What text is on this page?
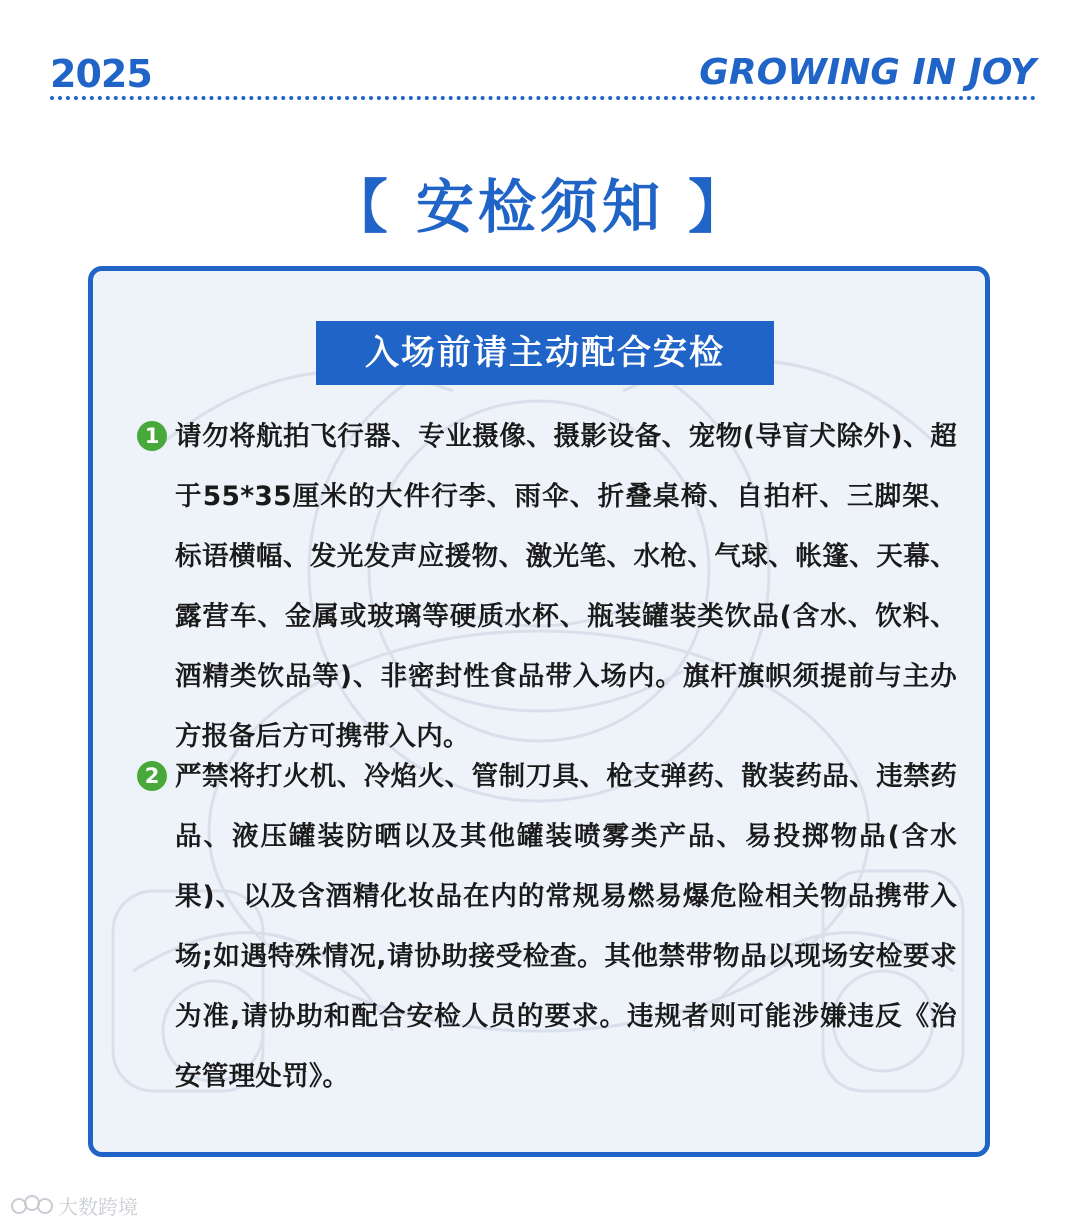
2025	GROWING IN JOY
【 安检须知 】
入场前请主动配合安检
1 请勿将航拍飞行器、专业摄像、摄影设备、宠物(导盲犬除外)、超于55*35厘米的大件行李、雨伞、折叠桌椅、自拍杆、三脚架、标语横幅、发光发声应援物、激光笔、水枪、气球、帐篷、天幕、露营车、金属或玻璃等硬质水杯、瓶装罐装类饮品(含水、饮料、酒精类饮品等)、非密封性食品带入场内。旗杆旗帜须提前与主办方报备后方可携带入内。
2 严禁将打火机、冷焰火、管制刀具、枪支弹药、散装药品、违禁药品、液压罐装防晒以及其他罐装喷雾类产品、易投掷物品(含水果)、以及含酒精化妆品在内的常规易燃易爆危险相关物品携带入场;如遇特殊情况,请协助接受检查。其他禁带物品以现场安检要求为准,请协助和配合安检人员的要求。违规者则可能涉嫌违反《治安管理处罚》。
大数跨境
